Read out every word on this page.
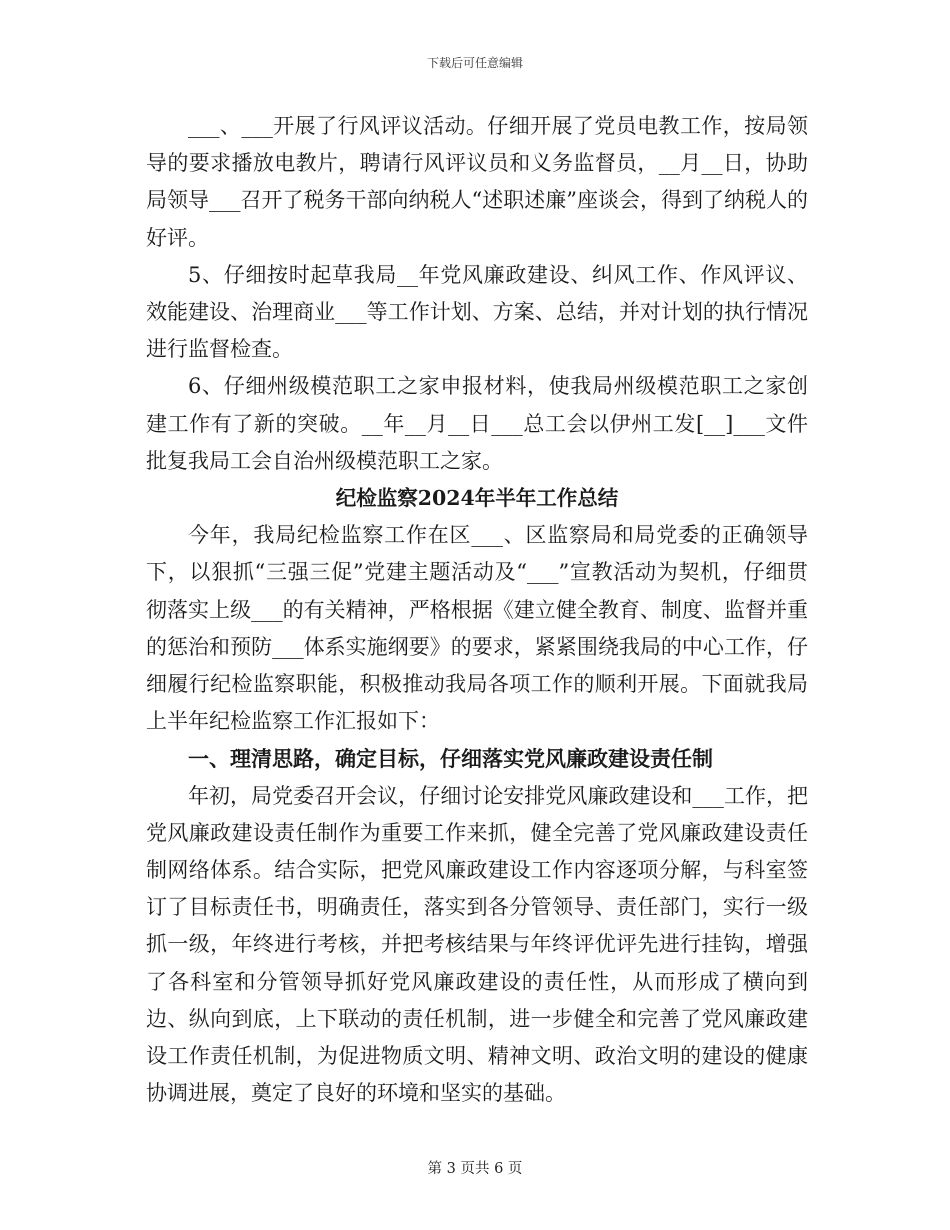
下载后可任意编辑

___、___开展了行风评议活动。仔细开展了党员电教工作，按局领导的要求播放电教片，聘请行风评议员和义务监督员，__月__日，协助局领导___召开了税务干部向纳税人“述职述廉”座谈会，得到了纳税人的好评。

5、仔细按时起草我局__年党风廉政建设、纠风工作、作风评议、效能建设、治理商业___等工作计划、方案、总结，并对计划的执行情况进行监督检查。

6、仔细州级模范职工之家申报材料，使我局州级模范职工之家创建工作有了新的突破。__年__月__日___总工会以伊州工发[__]___文件批复我局工会自治州级模范职工之家。

纪检监察2024年半年工作总结

今年，我局纪检监察工作在区___、区监察局和局党委的正确领导下，以狠抓“三强三促”党建主题活动及“___”宣教活动为契机，仔细贯彻落实上级___的有关精神，严格根据《建立健全教育、制度、监督并重的惩治和预防___体系实施纲要》的要求，紧紧围绕我局的中心工作，仔细履行纪检监察职能，积极推动我局各项工作的顺利开展。下面就我局上半年纪检监察工作汇报如下：

一、理清思路，确定目标，仔细落实党风廉政建设责任制

年初，局党委召开会议，仔细讨论安排党风廉政建设和___工作，把党风廉政建设责任制作为重要工作来抓，健全完善了党风廉政建设责任制网络体系。结合实际，把党风廉政建设工作内容逐项分解，与科室签订了目标责任书，明确责任，落实到各分管领导、责任部门，实行一级抓一级，年终进行考核，并把考核结果与年终评优评先进行挂钩，增强了各科室和分管领导抓好党风廉政建设的责任性，从而形成了横向到边、纵向到底，上下联动的责任机制，进一步健全和完善了党风廉政建设工作责任机制，为促进物质文明、精神文明、政治文明的建设的健康协调进展，奠定了良好的环境和坚实的基础。

第 3 页共 6 页
